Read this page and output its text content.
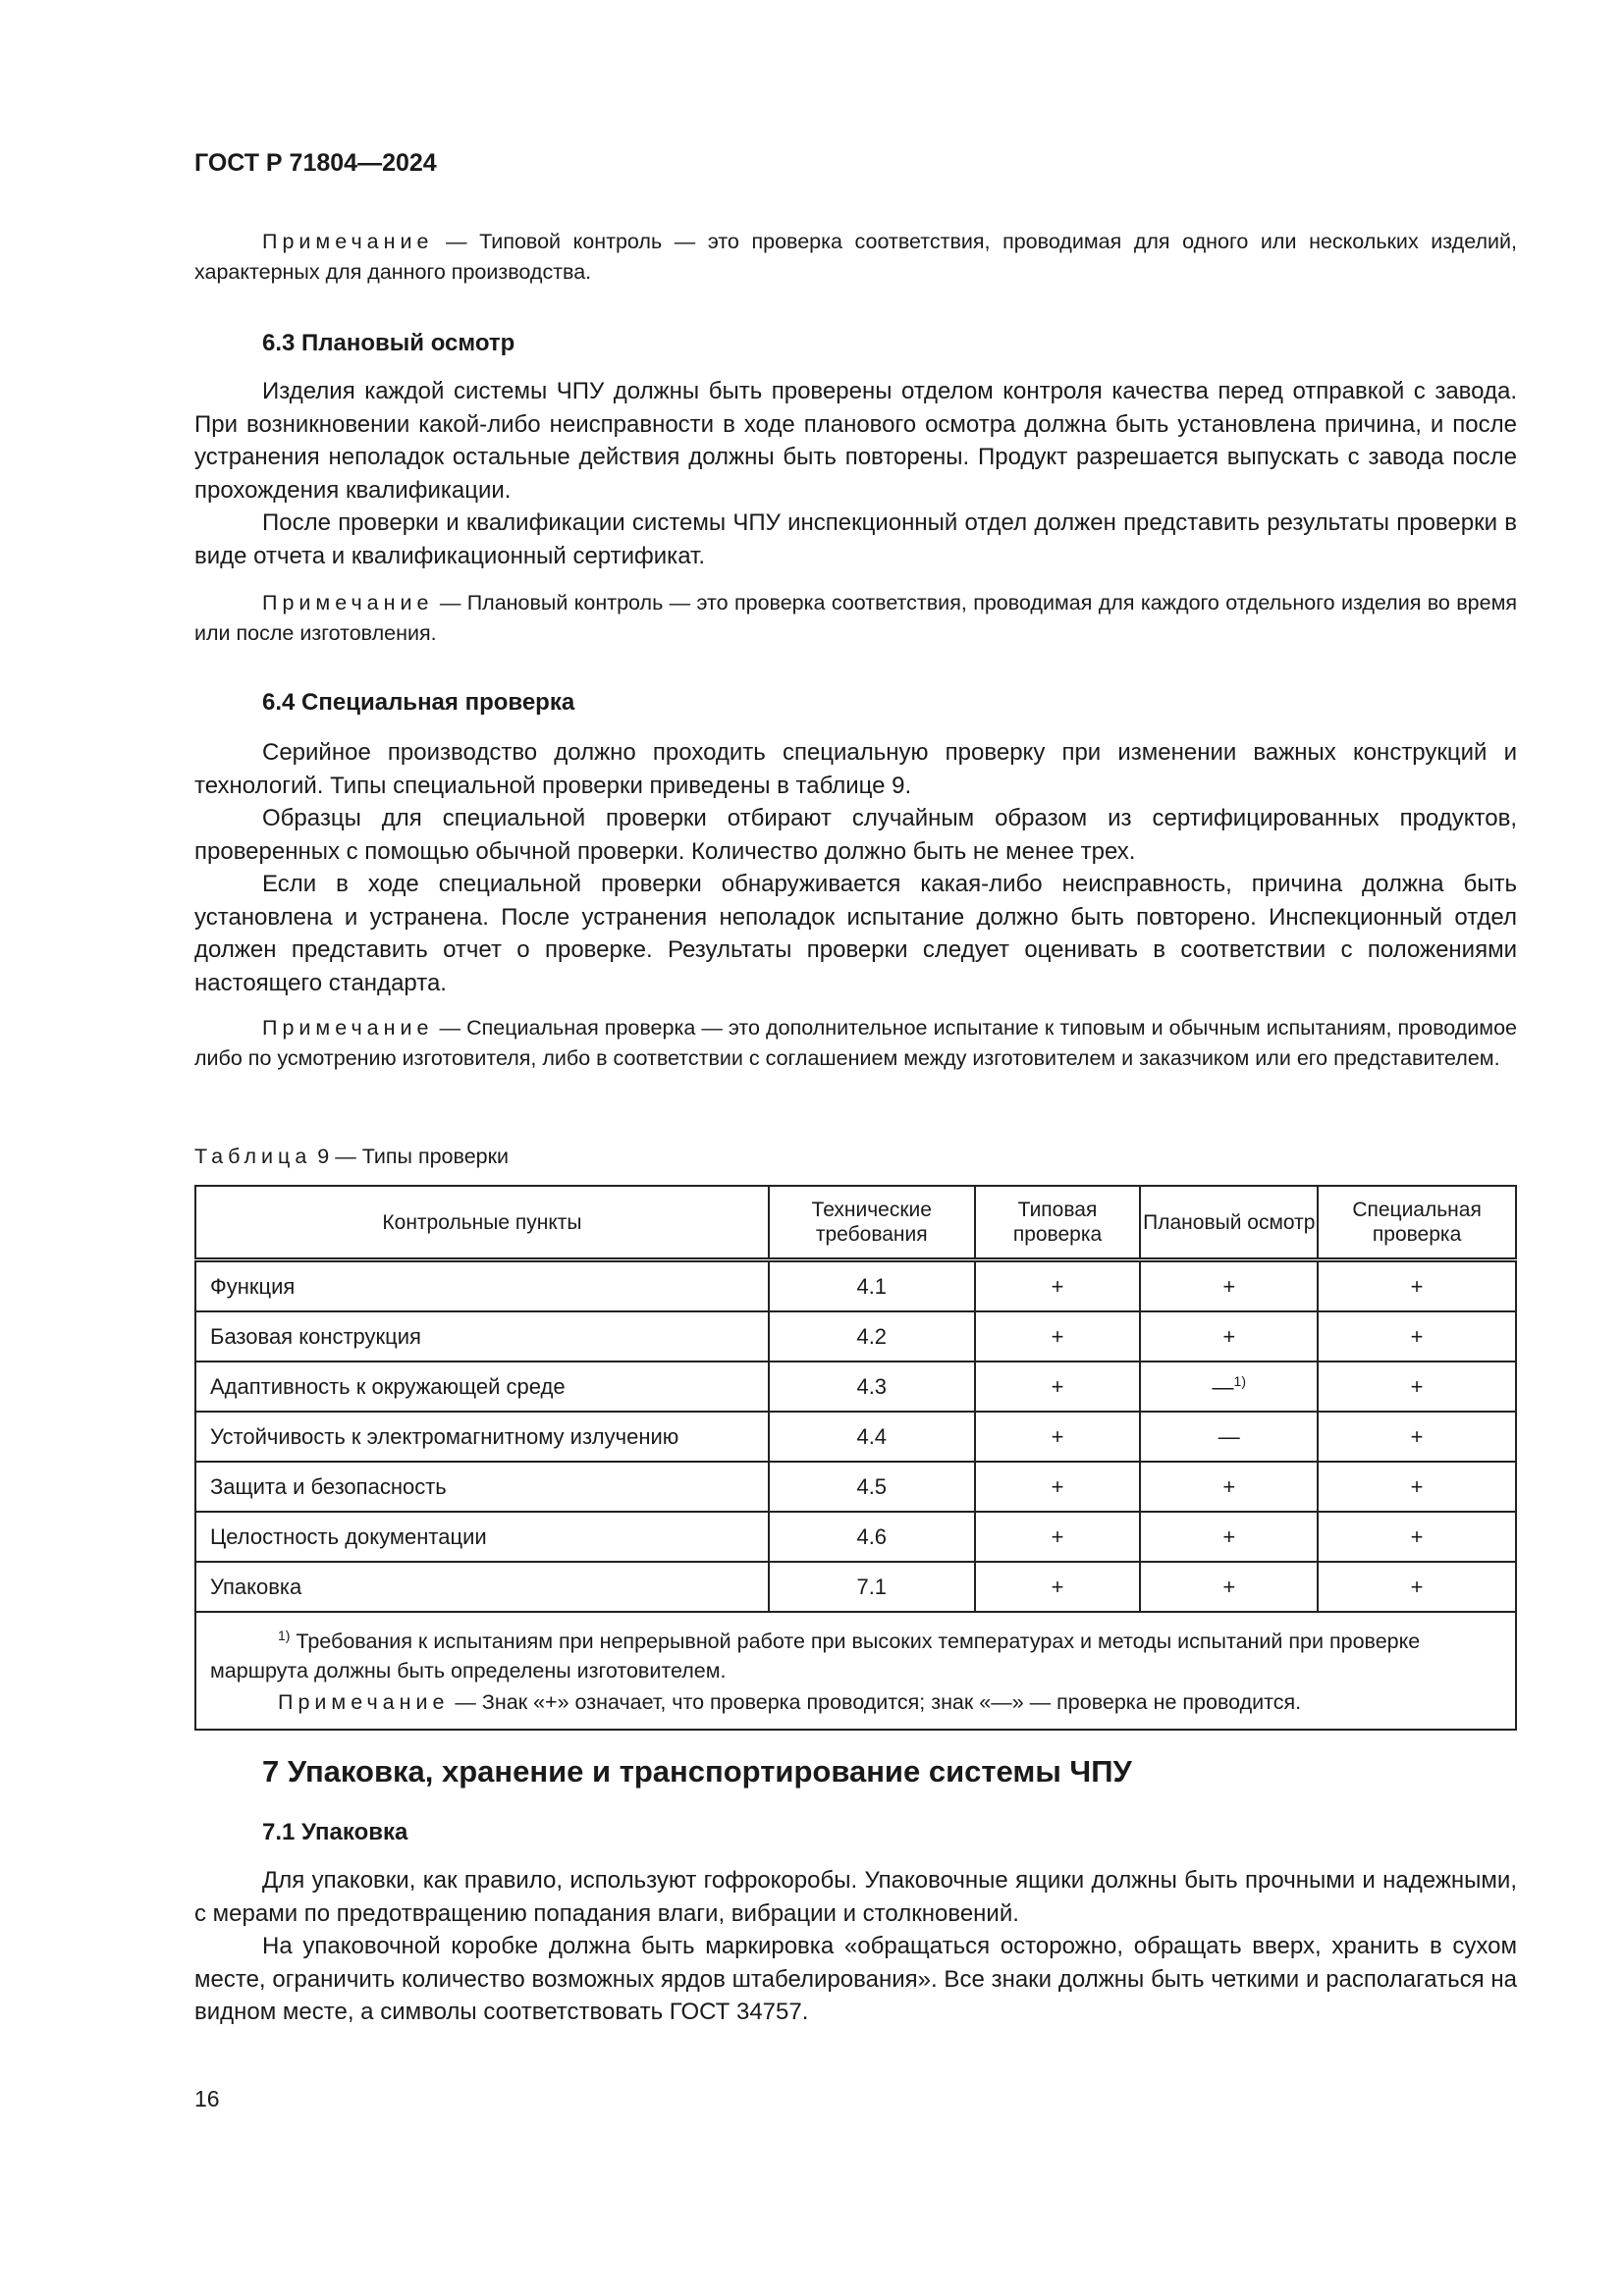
ГОСТ Р 71804—2024
Примечание — Типовой контроль — это проверка соответствия, проводимая для одного или нескольких изделий, характерных для данного производства.
6.3 Плановый осмотр

Изделия каждой системы ЧПУ должны быть проверены отделом контроля качества перед отправкой с завода. При возникновении какой-либо неисправности в ходе планового осмотра должна быть установлена причина, и после устранения неполадок остальные действия должны быть повторены. Продукт разрешается выпускать с завода после прохождения квалификации.

После проверки и квалификации системы ЧПУ инспекционный отдел должен представить результаты проверки в виде отчета и квалификационный сертификат.

Примечание — Плановый контроль — это проверка соответствия, проводимая для каждого отдельного изделия во время или после изготовления.
6.4 Специальная проверка

Серийное производство должно проходить специальную проверку при изменении важных конструкций и технологий. Типы специальной проверки приведены в таблице 9.

Образцы для специальной проверки отбирают случайным образом из сертифицированных продуктов, проверенных с помощью обычной проверки. Количество должно быть не менее трех.

Если в ходе специальной проверки обнаруживается какая-либо неисправность, причина должна быть установлена и устранена. После устранения неполадок испытание должно быть повторено. Инспекционный отдел должен представить отчет о проверке. Результаты проверки следует оценивать в соответствии с положениями настоящего стандарта.

Примечание — Специальная проверка — это дополнительное испытание к типовым и обычным испытаниям, проводимое либо по усмотрению изготовителя, либо в соответствии с соглашением между изготовителем и заказчиком или его представителем.
Таблица 9 — Типы проверки
Контрольные пункты	Технические требования	Типовая проверка	Плановый осмотр	Специальная проверка
Функция	4.1	+	+	+
Базовая конструкция	4.2	+	+	+
Адаптивность к окружающей среде	4.3	+	—$^{1)}$	+
Устойчивость к электромагнитному излучению	4.4	+	—	+
Защита и безопасность	4.5	+	+	+
Целостность документации	4.6	+	+	+
Упаковка	7.1	+	+	+

$^{1)}$ Требования к испытаниям при непрерывной работе при высоких температурах и методы испытаний при проверке маршрута должны быть определены изготовителем.
Примечание — Знак «+» означает, что проверка проводится; знак «—» — проверка не проводится.				
7 Упаковка, хранение и транспортирование системы ЧПУ
7.1 Упаковка

Для упаковки, как правило, используют гофрокоробы. Упаковочные ящики должны быть прочными и надежными, с мерами по предотвращению попадания влаги, вибрации и столкновений.

На упаковочной коробке должна быть маркировка «обращаться осторожно, обращать вверх, хранить в сухом месте, ограничить количество возможных ярдов штабелирования». Все знаки должны быть четкими и располагаться на видном месте, а символы соответствовать ГОСТ 34757.

16
